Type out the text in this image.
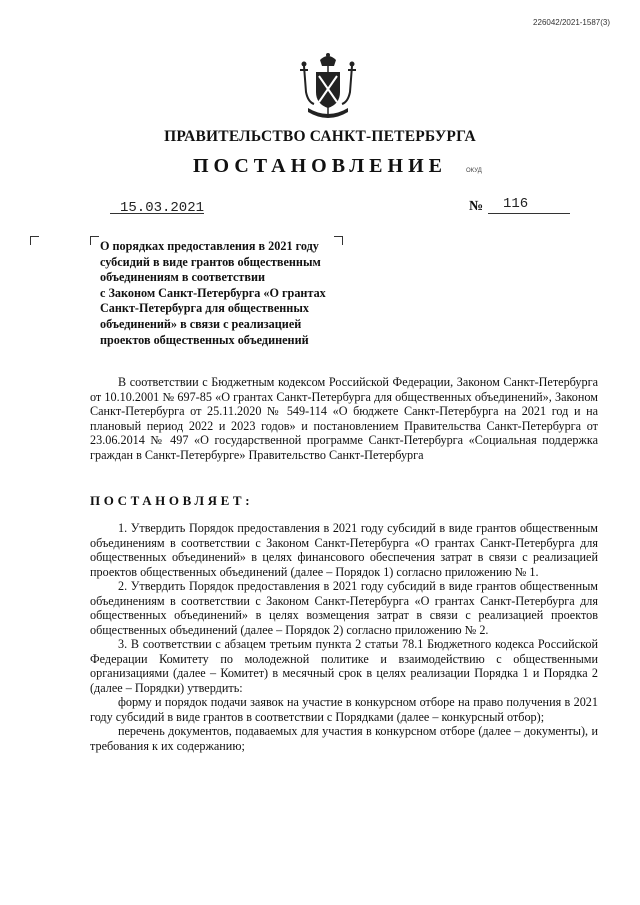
226042/2021-1587(3)
ПРАВИТЕЛЬСТВО САНКТ-ПЕТЕРБУРГА
ПОСТАНОВЛЕНИЕ	ОКУД
15.03.2021	№ 116
О порядках предоставления в 2021 году
субсидий в виде грантов общественным
объединениям в соответствии
с Законом Санкт-Петербурга «О грантах
Санкт-Петербурга для общественных
объединений» в связи с реализацией
проектов общественных объединений

В соответствии с Бюджетным кодексом Российской Федерации, Законом Санкт-Петербурга от 10.10.2001 № 697-85 «О грантах Санкт-Петербурга для общественных объединений», Законом Санкт-Петербурга от 25.11.2020 № 549-114 «О бюджете Санкт-Петербурга на 2021 год и на плановый период 2022 и 2023 годов» и постановлением Правительства Санкт-Петербурга от 23.06.2014 № 497 «О государственной программе Санкт-Петербурга «Социальная поддержка граждан в Санкт-Петербурге» Правительство Санкт-Петербурга

ПОСТАНОВЛЯЕТ:

1. Утвердить Порядок предоставления в 2021 году субсидий в виде грантов общественным объединениям в соответствии с Законом Санкт-Петербурга «О грантах Санкт-Петербурга для общественных объединений» в целях финансового обеспечения затрат в связи с реализацией проектов общественных объединений (далее – Порядок 1) согласно приложению № 1.

2. Утвердить Порядок предоставления в 2021 году субсидий в виде грантов общественным объединениям в соответствии с Законом Санкт-Петербурга «О грантах Санкт-Петербурга для общественных объединений» в целях возмещения затрат в связи с реализацией проектов общественных объединений (далее – Порядок 2) согласно приложению № 2.

3. В соответствии с абзацем третьим пункта 2 статьи 78.1 Бюджетного кодекса Российской Федерации Комитету по молодежной политике и взаимодействию с общественными организациями (далее – Комитет) в месячный срок в целях реализации Порядка 1 и Порядка 2 (далее – Порядки) утвердить:

форму и порядок подачи заявок на участие в конкурсном отборе на право получения в 2021 году субсидий в виде грантов в соответствии с Порядками (далее – конкурсный отбор);

перечень документов, подаваемых для участия в конкурсном отборе (далее – документы), и требования к их содержанию;
